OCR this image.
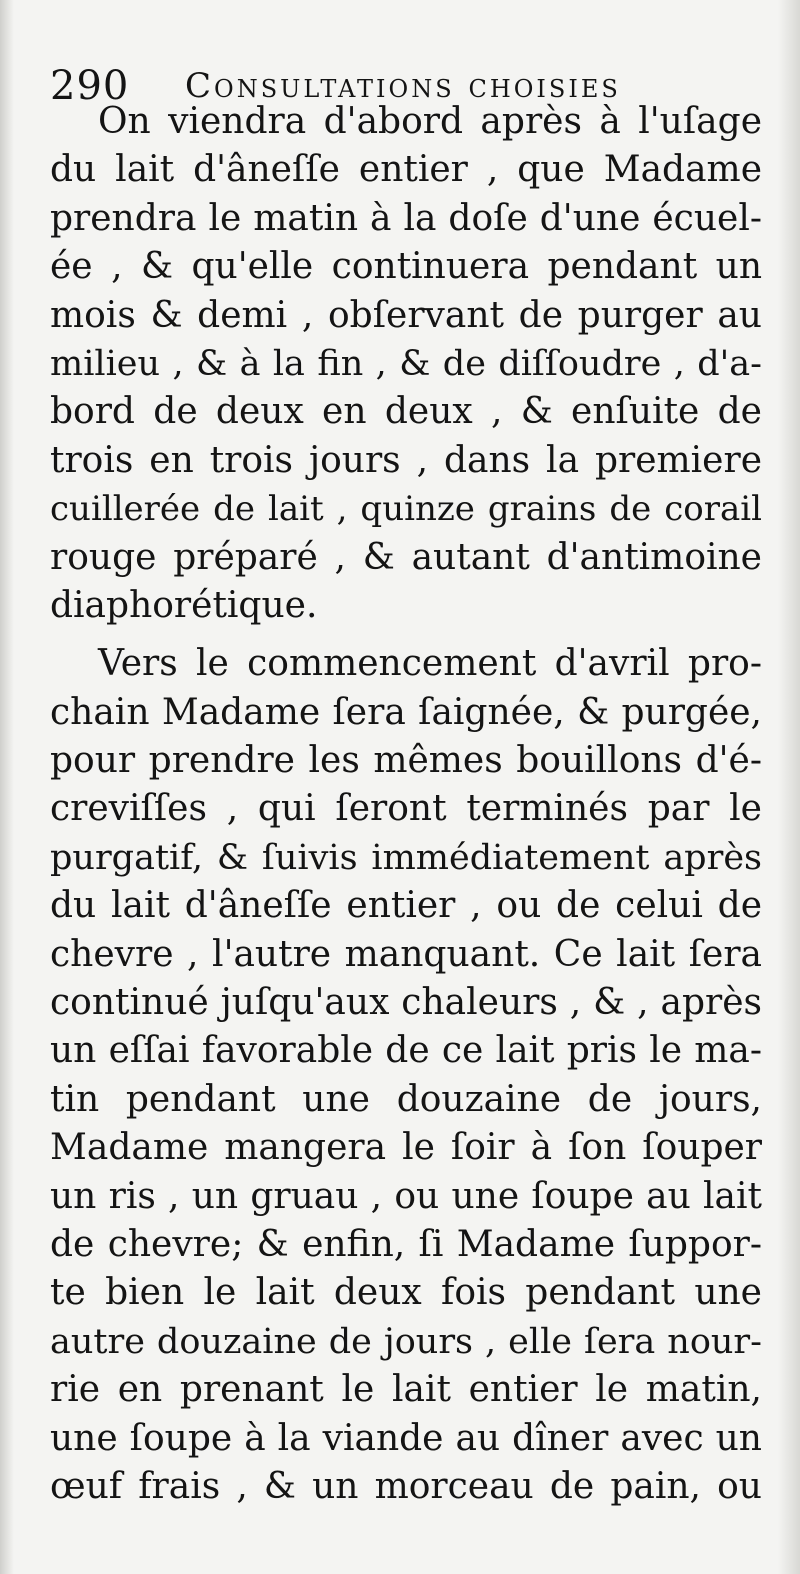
290 Consultations choisies
On viendra d'abord après à l'uſage
du lait d'âneſſe entier , que Madame
prendra le matin à la doſe d'une écuel-
ée , & qu'elle continuera pendant un
mois & demi , obſervant de purger au
milieu , & à la fin , & de diſſoudre , d'a-
bord de deux en deux , & enſuite de
trois en trois jours , dans la premiere
cuillerée de lait , quinze grains de corail
rouge préparé , & autant d'antimoine
diaphorétique.
Vers le commencement d'avril pro-
chain Madame ſera ſaignée, & purgée,
pour prendre les mêmes bouillons d'é-
creviſſes , qui ſeront terminés par le
purgatif, & ſuivis immédiatement après
du lait d'âneſſe entier , ou de celui de
chevre , l'autre manquant. Ce lait ſera
continué juſqu'aux chaleurs , & , après
un eſſai favorable de ce lait pris le ma-
tin pendant une douzaine de jours,
Madame mangera le ſoir à ſon ſouper
un ris , un gruau , ou une ſoupe au lait
de chevre; & enfin, ſi Madame ſuppor-
te bien le lait deux fois pendant une
autre douzaine de jours , elle ſera nour-
rie en prenant le lait entier le matin,
une ſoupe à la viande au dîner avec un
œuf frais , & un morceau de pain, ou
